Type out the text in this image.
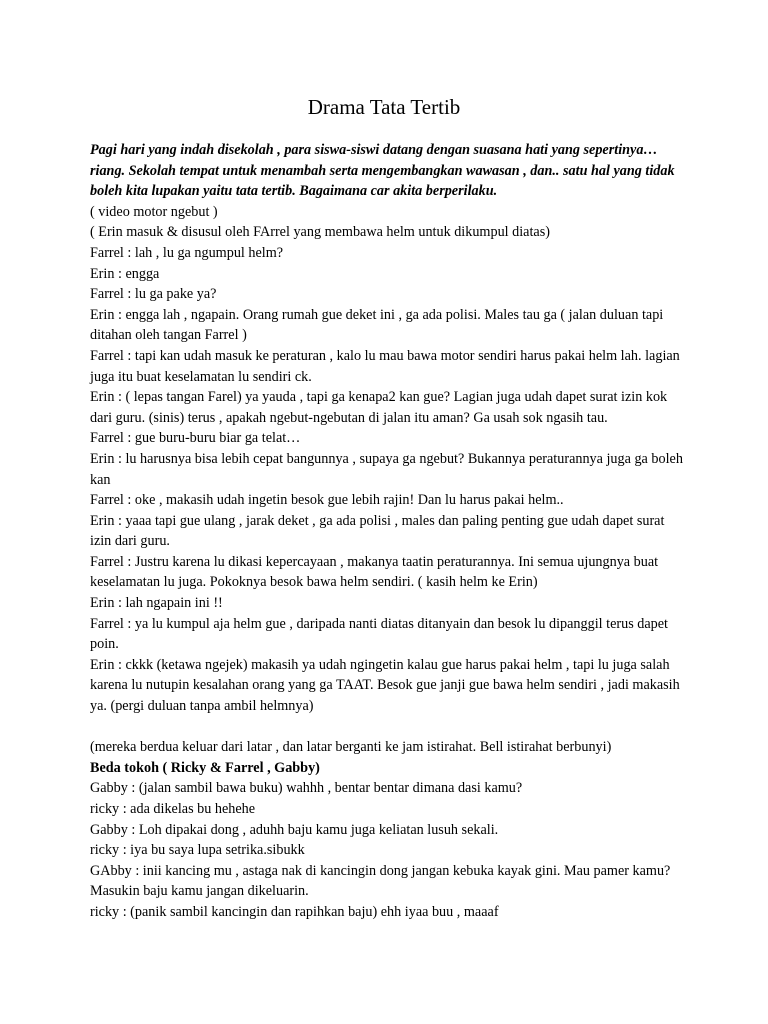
Drama Tata Tertib

Pagi hari yang indah disekolah , para siswa-siswi datang dengan suasana hati yang sepertinya…riang. Sekolah tempat untuk menambah serta mengembangkan wawasan , dan.. satu hal yang tidak boleh kita lupakan yaitu tata tertib. Bagaimana car akita berperilaku.

( video motor ngebut )

( Erin masuk & disusul oleh FArrel yang membawa helm untuk dikumpul diatas)

Farrel : lah , lu ga ngumpul helm?

Erin : engga

Farrel : lu ga pake ya?

Erin : engga lah , ngapain. Orang rumah gue deket ini , ga ada polisi. Males tau ga ( jalan duluan tapi ditahan oleh tangan Farrel )

Farrel : tapi kan udah masuk ke peraturan , kalo lu mau bawa motor sendiri harus pakai helm lah. lagian juga itu buat keselamatan lu sendiri ck.

Erin : ( lepas tangan Farel) ya yauda , tapi ga kenapa2 kan gue? Lagian juga udah dapet surat izin kok dari guru. (sinis) terus , apakah ngebut-ngebutan di jalan itu aman? Ga usah sok ngasih tau.

Farrel : gue buru-buru biar ga telat…

Erin : lu harusnya bisa lebih cepat bangunnya , supaya ga ngebut? Bukannya peraturannya juga ga boleh kan

Farrel : oke , makasih udah ingetin besok gue lebih rajin! Dan lu harus pakai helm..

Erin : yaaa tapi gue ulang , jarak deket , ga ada polisi , males dan paling penting gue udah dapet surat izin dari guru.

Farrel : Justru karena lu dikasi kepercayaan , makanya taatin peraturannya. Ini semua ujungnya buat keselamatan lu juga. Pokoknya besok bawa helm sendiri. ( kasih helm ke Erin)

Erin : lah ngapain ini !!

Farrel : ya lu kumpul aja helm gue , daripada nanti diatas ditanyain dan besok lu dipanggil terus dapet poin.

Erin : ckkk (ketawa ngejek) makasih ya udah ngingetin kalau gue harus pakai helm , tapi lu juga salah karena lu nutupin kesalahan orang yang ga TAAT. Besok gue janji gue bawa helm sendiri , jadi makasih ya. (pergi duluan tanpa ambil helmnya)

(mereka berdua keluar dari latar , dan latar berganti ke jam istirahat. Bell istirahat berbunyi)

Beda tokoh ( Ricky & Farrel , Gabby)

Gabby : (jalan sambil bawa buku) wahhh , bentar bentar dimana dasi kamu?

ricky : ada dikelas bu hehehe

Gabby : Loh dipakai dong , aduhh baju kamu juga keliatan lusuh sekali.

ricky : iya bu saya lupa setrika.sibukk

GAbby : inii kancing mu , astaga nak di kancingin dong jangan kebuka kayak gini. Mau pamer kamu? Masukin baju kamu jangan dikeluarin.

ricky : (panik sambil kancingin dan rapihkan baju) ehh iyaa buu , maaaf
